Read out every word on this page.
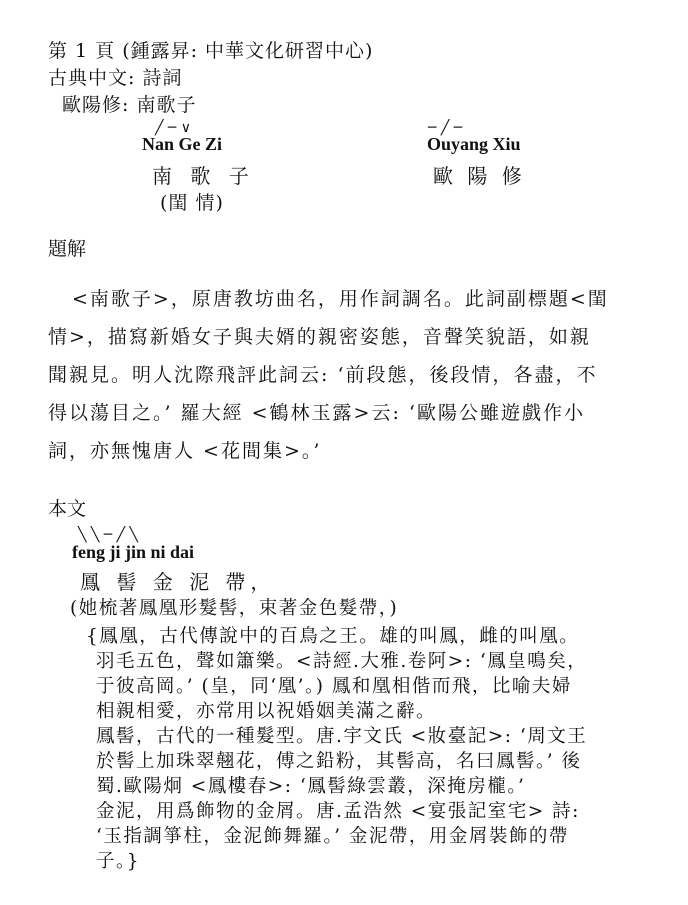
第 1 頁 (鍾露昇: 中華文化研習中心)
古典中文: 詩詞
歐陽修: 南歌子
╱ ─ ∨
Nan Ge Zi
南 歌 子
(閨 情)
─ ╱ ─
Ouyang Xiu
歐 陽 修
題解
<南歌子>，原唐教坊曲名，用作詞調名。此詞副標題<閨
情>，描寫新婚女子與夫婿的親密姿態，音聲笑貌語，如親
聞親見。明人沈際飛評此詞云: ‘前段態，後段情，各盡，不
得以蕩目之。’ 羅大經 <鶴林玉露>云: ‘歐陽公雖遊戲作小
詞，亦無愧唐人 <花間集>。’
本文
╲ ╲ ─ ╱ ╲
feng ji jin ni dai
鳳 髻 金 泥 帶，
(她梳著鳳凰形髮髻，束著金色髮帶，)
{鳳凰，古代傳說中的百鳥之王。雄的叫鳳，雌的叫凰。
羽毛五色，聲如簫樂。<詩經.大雅.卷阿>: ‘鳳皇鳴矣，
于彼高岡。’ (皇，同‘凰’。) 鳳和凰相偕而飛，比喻夫婦
相親相愛，亦常用以祝婚姻美滿之辭。
鳳髻，古代的一種髮型。唐.宇文氏 <妝臺記>: ‘周文王
於髻上加珠翠翹花，傅之鉛粉，其髻高，名曰鳳髻。’ 後
蜀.歐陽炯 <鳳樓春>: ‘鳳髻綠雲叢，深掩房櫳。’
金泥，用爲飾物的金屑。唐.孟浩然 <宴張記室宅> 詩:
‘玉指調箏柱，金泥飾舞羅。’ 金泥帶，用金屑裝飾的帶
子。}
